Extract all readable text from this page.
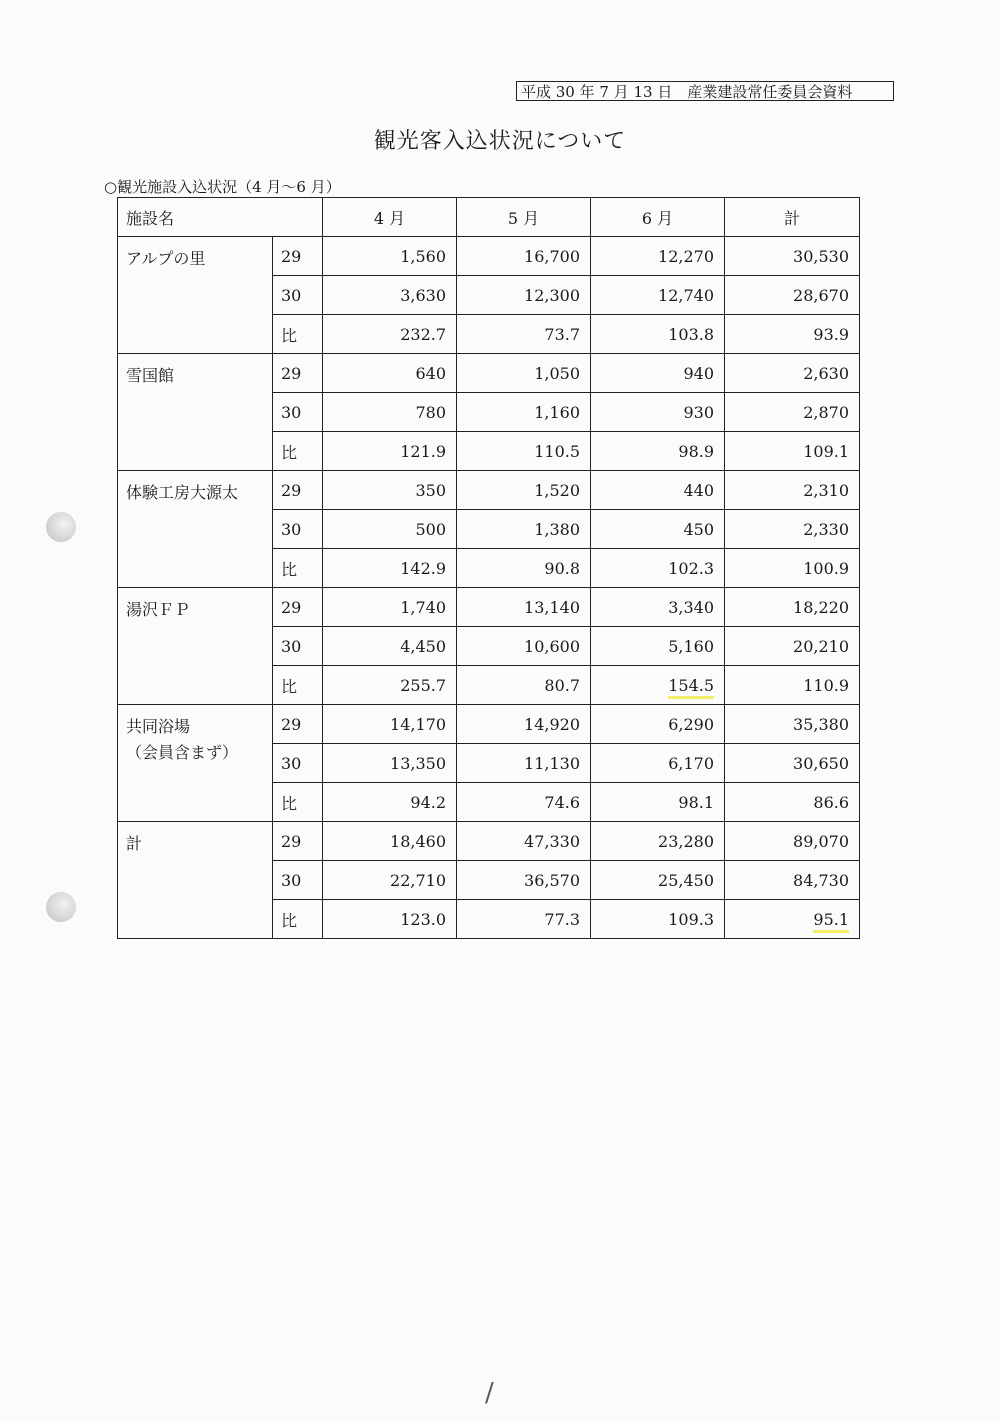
平成 30 年 7 月 13 日　産業建設常任委員会資料
観光客入込状況について
○観光施設入込状況（4 月～6 月）
施設名		4 月	5 月	6 月	計
アルプの里	29	1,560	16,700	12,270	30,530
	30	3,630	12,300	12,740	28,670
	比	232.7	73.7	103.8	93.9
雪国館	29	640	1,050	940	2,630
	30	780	1,160	930	2,870
	比	121.9	110.5	98.9	109.1
体験工房大源太	29	350	1,520	440	2,310
	30	500	1,380	450	2,330
	比	142.9	90.8	102.3	100.9
湯沢ＦＰ	29	1,740	13,140	3,340	18,220
	30	4,450	10,600	5,160	20,210
	比	255.7	80.7	154.5	110.9

共同浴場
（会員含まず）	29	14,170	14,920	6,290	35,380
	30	13,350	11,130	6,170	30,650
	比	94.2	74.6	98.1	86.6
計	29	18,460	47,330	23,280	89,070
	30	22,710	36,570	25,450	84,730
	比	123.0	77.3	109.3	95.1
/
